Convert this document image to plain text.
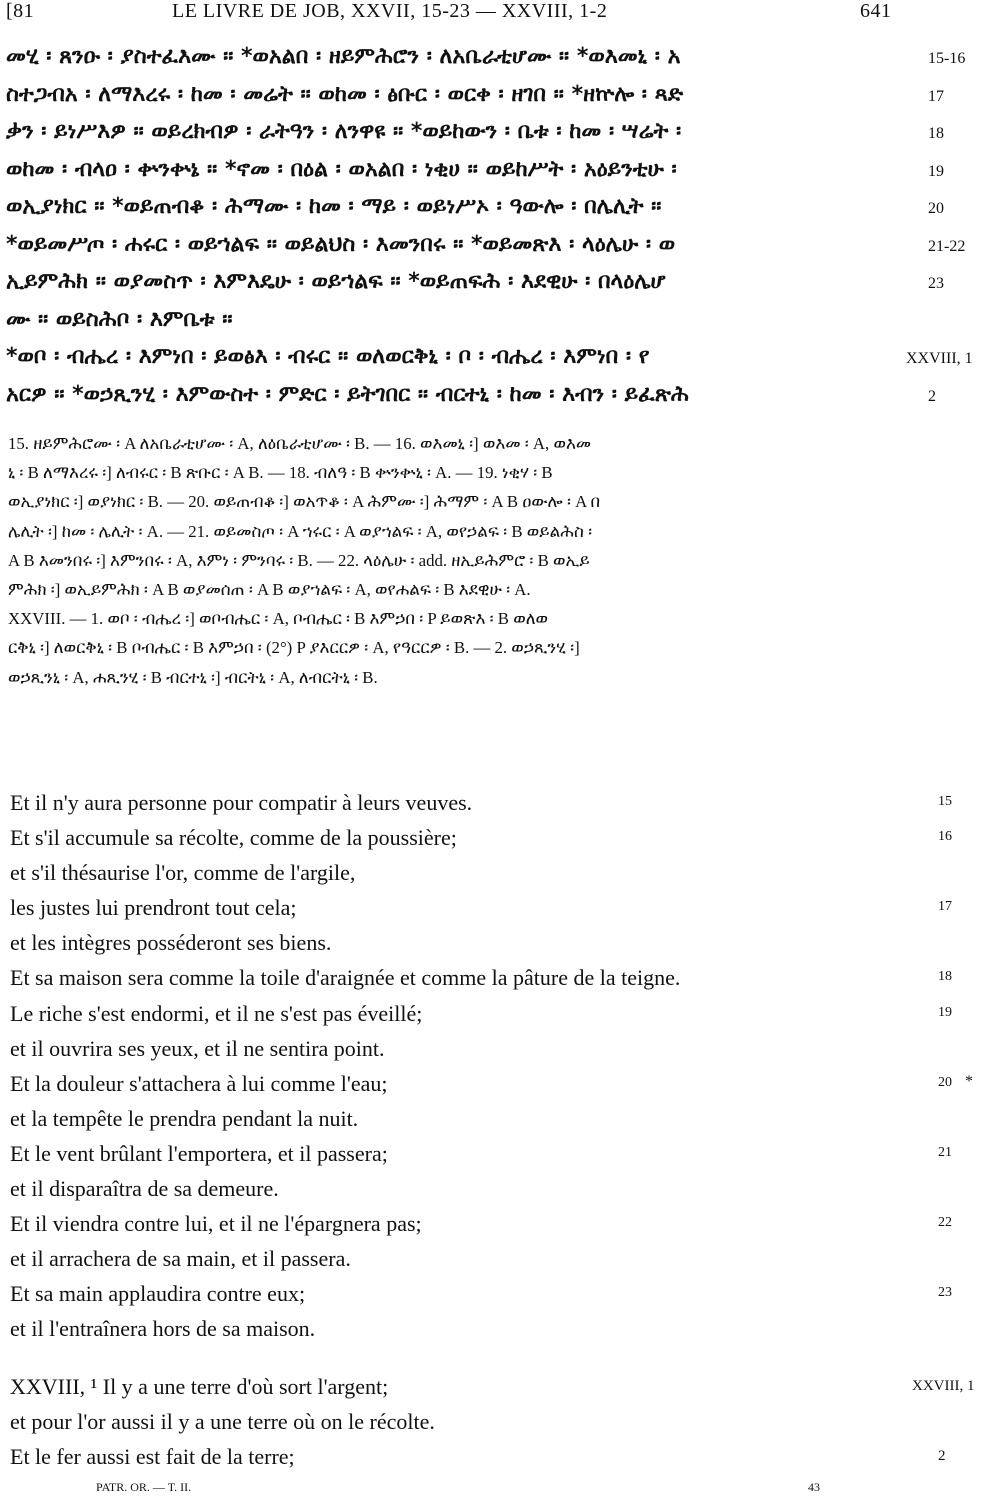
[81	LE LIVRE DE JOB, XXVII, 15-23 — XXVIII, 1-2	641
መሂ ፡ ጸንዑ ፡ ያስተፈእሙ ። *ወአልበ ፡ ዘይምሕሮን ፡ ለአቤራቲሆሙ ። *ወእመኒ ፡ አ	15-16
ስተጋብአ ፡ ለማእረሩ ፡ ከመ ፡ መሬት ። ወከመ ፡ ፅቡር ፡ ወርቀ ፡ ዘገበ ። *ዘኵሎ ፡ ጻድ	17
ቃን ፡ ይነሥእዎ ። ወይረክብዎ ፡ ራትዓን ፡ ለንዋዩ ። *ወይከውን ፡ ቤቱ ፡ ከመ ፡ ሣሬት ፡	18
ወከመ ፡ ብላዐ ፡ ቍንቍኔ ። *ኖመ ፡ በዕል ፡ ወአልበ ፡ ነቂሀ ። ወይከሥት ፡ አዕይንቲሁ ፡	19
ወኢያነክር ። *ወይጠብቆ ፡ ሕማሙ ፡ ከመ ፡ ማይ ፡ ወይነሥኦ ፡ ዓውሎ ፡ በሌሊት ።	20
*ወይመሥጦ ፡ ሐሩር ፡ ወይኀልፍ ። ወይልህስ ፡ እመንበሩ ። *ወይመጽእ ፡ ላዕሌሁ ፡ ወ	21-22
ኢይምሕክ ። ወያመስጥ ፡ እምእዴሁ ፡ ወይኀልፍ ። *ወይጠፍሕ ፡ እደዊሁ ፡ በላዕሌሆ	23
ሙ ። ወይስሕቦ ፡ እምቤቱ ።
*ወቦ ፡ ብሔረ ፡ እምነበ ፡ ይወፅእ ፡ ብሩር ። ወለወርቅኒ ፡ ቦ ፡ ብሔረ ፡ እምነበ ፡ የ	XXVIII, 1
አርዎ ። *ወኃጺንሂ ፡ እምውስተ ፡ ምድር ፡ ይትገበር ። ብርተኒ ፡ ከመ ፡ እብን ፡ ይፈጽሕ	2
15. ዘይምሕሮሙ ፡ A ለአቤራቲሆሙ ፡ A, ለዕቤራቲሆሙ ፡ B. — 16. ወእመኒ ፡] ወእመ ፡ A, ወእመ
ኒ ፡ B ለማእረሩ ፡] ለብሩር ፡ B ጽቡር ፡ A B. — 18. ብለዓ ፡ B ቍንቍኒ ፡ A. — 19. ነቂሃ ፡ B
ወኢያነክር ፡] ወያነክር ፡ B. — 20. ወይጠብቆ ፡] ወአጥቆ ፡ A ሕምሙ ፡] ሕማም ፡ A B ዐውሎ ፡ A በ
ሌሊት ፡] ከመ ፡ ሌሊት ፡ A. — 21. ወይመስጦ ፡ A ኀሩር ፡ A ወያኀልፍ ፡ A, ወየኃልፍ ፡ B ወይልሕስ ፡
A B እመንበሩ ፡] እምንበሩ ፡ A, እምነ ፡ ምንባሩ ፡ B. — 22. ላዕሌሁ ፡ add. ዘኢይሕምሮ ፡ B ወኢይ
ምሕክ ፡] ወኢይምሕክ ፡ A B ወያመሰጠ ፡ A B ወያኀልፍ ፡ A, ወየሐልፍ ፡ B እደዊሁ ፡ A.
XXVIII. — 1. ወቦ ፡ ብሔረ ፡] ወቦብሔር ፡ A, ቦብሔር ፡ B እምኃበ ፡ P ይወጽእ ፡ B ወለወ
ርቅኒ ፡] ለወርቅኒ ፡ B ቦብሔር ፡ B እምኃበ ፡ (2°) P ያእርርዎ ፡ A, የዓርርዎ ፡ B. — 2. ወኃጺንሂ ፡]
ወኃጺንኒ ፡ A, ሐጺንሂ ፡ B ብርተኒ ፡] ብርትኒ ፡ A, ለብርትኒ ፡ B.
Et il n'y aura personne pour compatir à leurs veuves.	15
Et s'il accumule sa récolte, comme de la poussière;	16
et s'il thésaurise l'or, comme de l'argile,
les justes lui prendront tout cela;	17
et les intègres posséderont ses biens.
Et sa maison sera comme la toile d'araignée et comme la pâture de la teigne.	18
Le riche s'est endormi, et il ne s'est pas éveillé;	19
et il ouvrira ses yeux, et il ne sentira point.
Et la douleur s'attachera à lui comme l'eau;	20 *
et la tempête le prendra pendant la nuit.
Et le vent brûlant l'emportera, et il passera;	21
et il disparaîtra de sa demeure.
Et il viendra contre lui, et il ne l'épargnera pas;	22
et il arrachera de sa main, et il passera.
Et sa main applaudira contre eux;	23
et il l'entraînera hors de sa maison.
XXVIII, ¹ Il y a une terre d'où sort l'argent;	XXVIII, 1
et pour l'or aussi il y a une terre où on le récolte.
Et le fer aussi est fait de la terre;	2
PATR. OR. — T. II.	43
